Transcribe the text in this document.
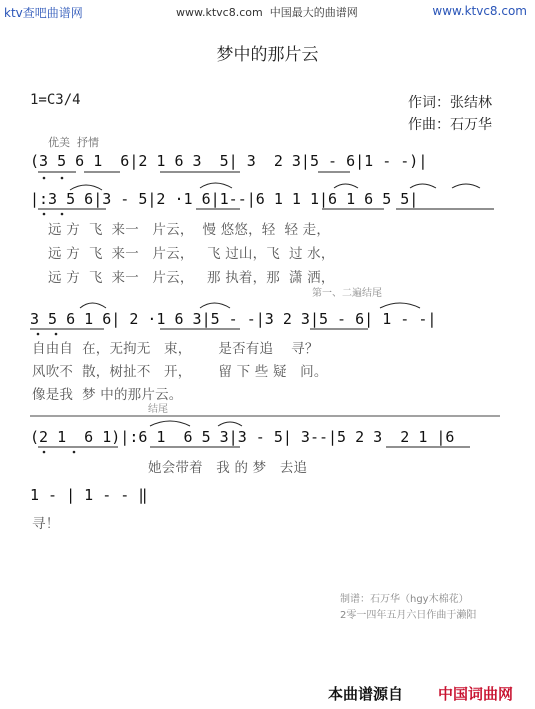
ktv查吧曲谱网	www.ktvc8.com  中国最大的曲谱网	www.ktvc8.com
梦中的那片云
1=C3/4	作词：张结林
作曲：石万华
优美  抒情
(3 5 6 1  6|2 1 6 3  5| 3  2 3|5 - 6|1 - -)|
|:3 5 6|3 - 5|2 ·1 6|1--|6 1 1 1|6 1 6 5 5|
远 方  飞  来一   片云，  慢 悠悠，轻  轻 走，
远 方  飞  来一   片云，   飞 过山，飞  过 水，
远 方  飞  来一   片云，   那 执着，那  潇 洒，
第一、二遍结尾
3 5 6 1 6| 2 ·1 6 3|5 - -|3 2 3|5 - 6| 1 - -|
自由自  在，无拘无   束，      是否有追    寻？
风吹不  散，树扯不   开，      留 下 些 疑   问。
像是我  梦 中的那片云。
结尾
(2 1  6 1)|:6 1  6 5 3|3 - 5| 3--|5 2 3  2 1 |6
她会带着   我 的 梦   去追
1 - | 1 - - ‖
寻！
制谱：石万华（hgy木棉花）
2零一四年五月六日作曲于濑阳
本曲谱源自 中国词曲网
